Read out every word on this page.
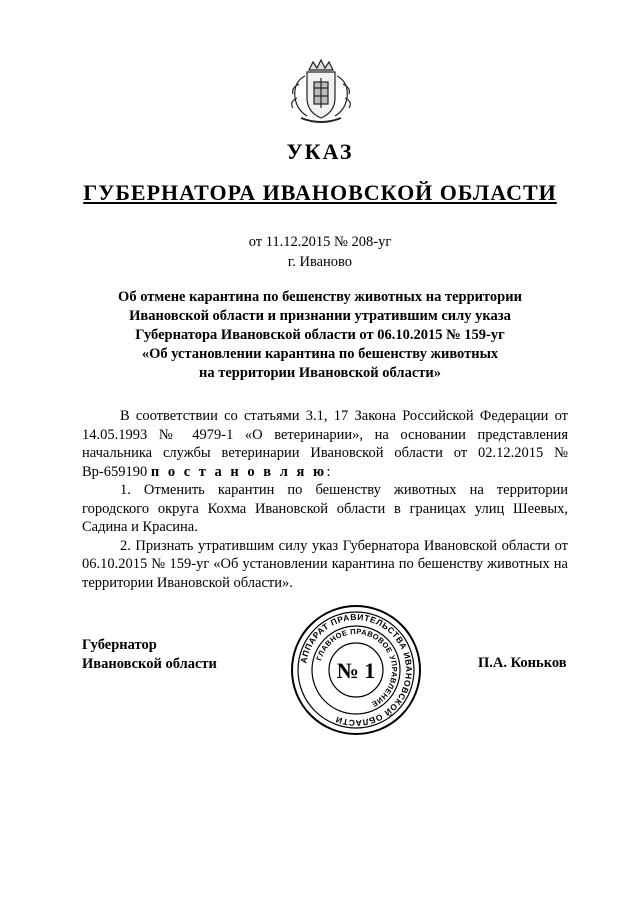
УКАЗ
ГУБЕРНАТОРА ИВАНОВСКОЙ ОБЛАСТИ
от 11.12.2015 № 208-уг
г. Иваново
Об отмене карантина по бешенству животных на территории
Ивановской области и признании утратившим силу указа
Губернатора Ивановской области от 06.10.2015 № 159-уг
«Об установлении карантина по бешенству животных
на территории Ивановской области»

В соответствии со статьями 3.1, 17 Закона Российской Федерации от 14.05.1993 № 4979-1 «О ветеринарии», на основании представления начальника службы ветеринарии Ивановской области от 02.12.2015 № Вр-659190 п о с т а н о в л я ю:

1. Отменить карантин по бешенству животных на территории городского округа Кохма Ивановской области в границах улиц Шеевых, Садина и Красина.

2. Признать утратившим силу указ Губернатора Ивановской области от 06.10.2015 № 159-уг «Об установлении карантина по бешенству животных на территории Ивановской области».

Губернатор
Ивановской области	АППАРАТ ПРАВИТЕЛЬСТВА ИВАНОВСКОЙ ОБЛАСТИ
ГЛАВНОЕ ПРАВОВОЕ УПРАВЛЕНИЕ
№ 1	П.А. Коньков
